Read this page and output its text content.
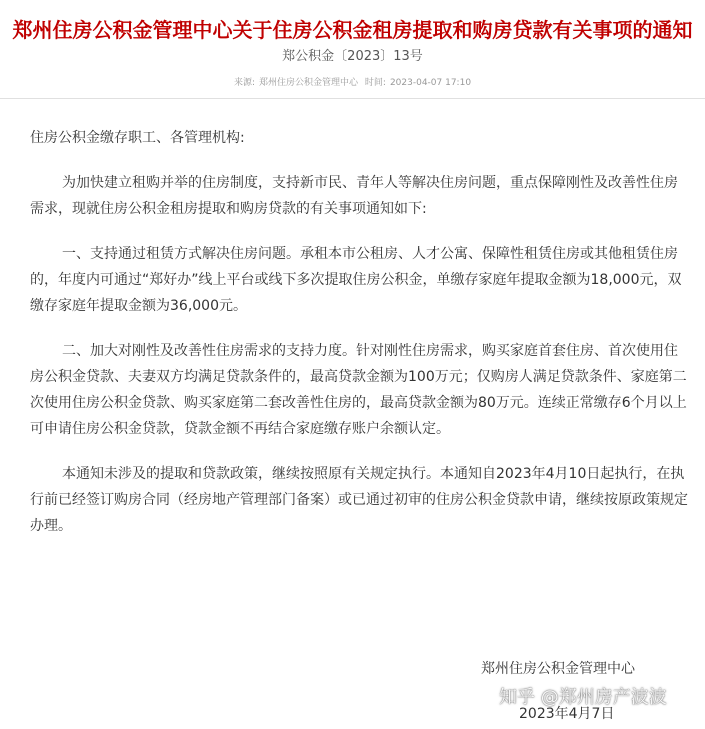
郑州住房公积金管理中心关于住房公积金租房提取和购房贷款有关事项的通知
郑公积金〔2023〕13号
来源: 郑州住房公积金管理中心 时间: 2023-04-07 17:10

住房公积金缴存职工、各管理机构:

为加快建立租购并举的住房制度，支持新市民、青年人等解决住房问题，重点保障刚性及改善性住房需求，现就住房公积金租房提取和购房贷款的有关事项通知如下:

一、支持通过租赁方式解决住房问题。承租本市公租房、人才公寓、保障性租赁住房或其他租赁住房的，年度内可通过“郑好办”线上平台或线下多次提取住房公积金，单缴存家庭年提取金额为18,000元，双缴存家庭年提取金额为36,000元。

二、加大对刚性及改善性住房需求的支持力度。针对刚性住房需求，购买家庭首套住房、首次使用住房公积金贷款、夫妻双方均满足贷款条件的，最高贷款金额为100万元；仅购房人满足贷款条件、家庭第二次使用住房公积金贷款、购买家庭第二套改善性住房的，最高贷款金额为80万元。连续正常缴存6个月以上可申请住房公积金贷款，贷款金额不再结合家庭缴存账户余额认定。

本通知未涉及的提取和贷款政策，继续按照原有关规定执行。本通知自2023年4月10日起执行，在执行前已经签订购房合同（经房地产管理部门备案）或已通过初审的住房公积金贷款申请，继续按原政策规定办理。

郑州住房公积金管理中心
知乎 @郑州房产波波
2023年4月7日
